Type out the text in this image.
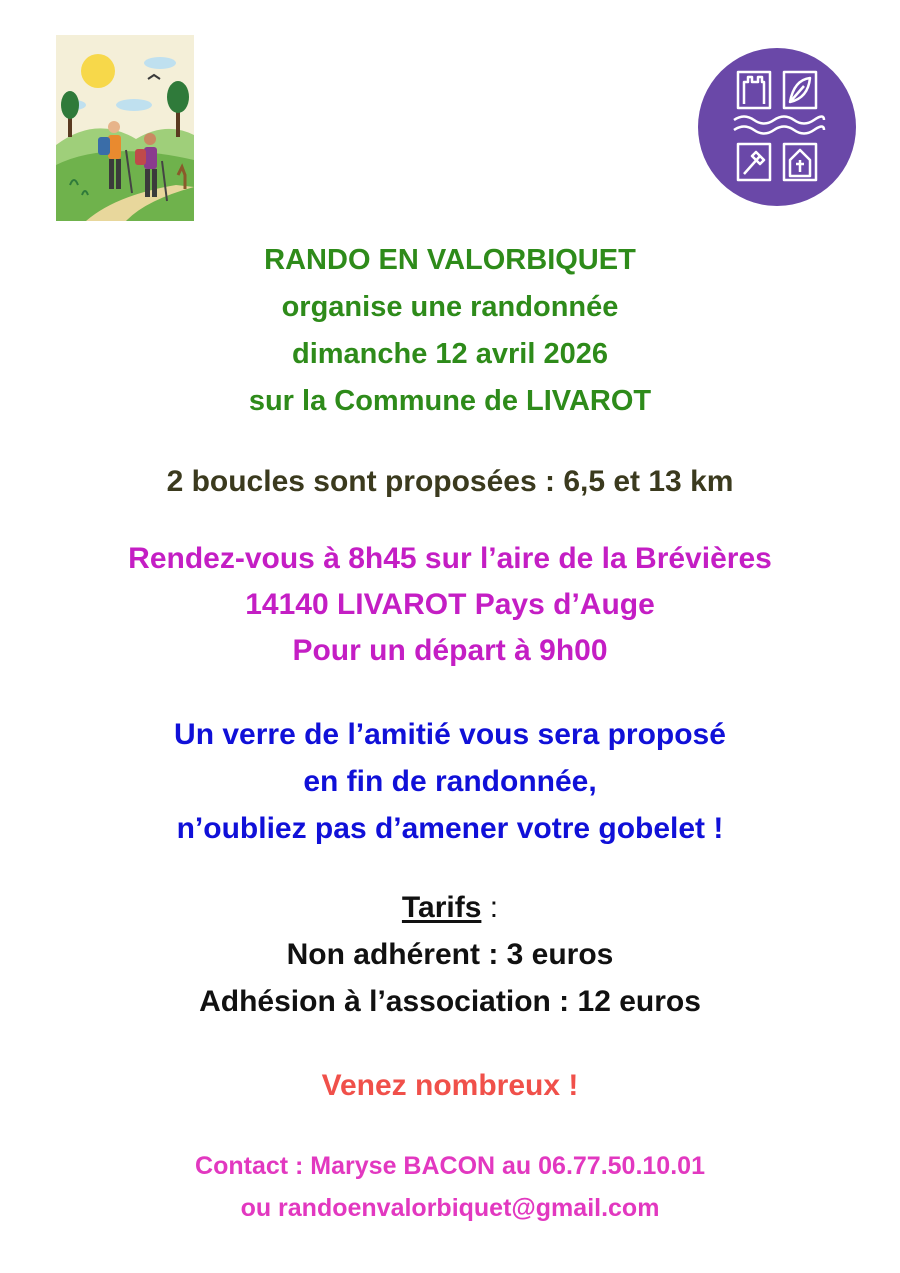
RANDO EN VALORBIQUET
organise une randonnée
dimanche 12 avril 2026
sur la Commune de LIVAROT
2 boucles sont proposées : 6,5 et 13 km
Rendez-vous à 8h45 sur l’aire de la Brévières
14140 LIVAROT Pays d’Auge
Pour un départ à 9h00
Un verre de l’amitié vous sera proposé
en fin de randonnée,
n’oubliez pas d’amener votre gobelet !
Tarifs :
Non adhérent : 3 euros
Adhésion à l’association : 12 euros
Venez nombreux !
Contact : Maryse BACON au 06.77.50.10.01
ou randoenvalorbiquet@gmail.com
